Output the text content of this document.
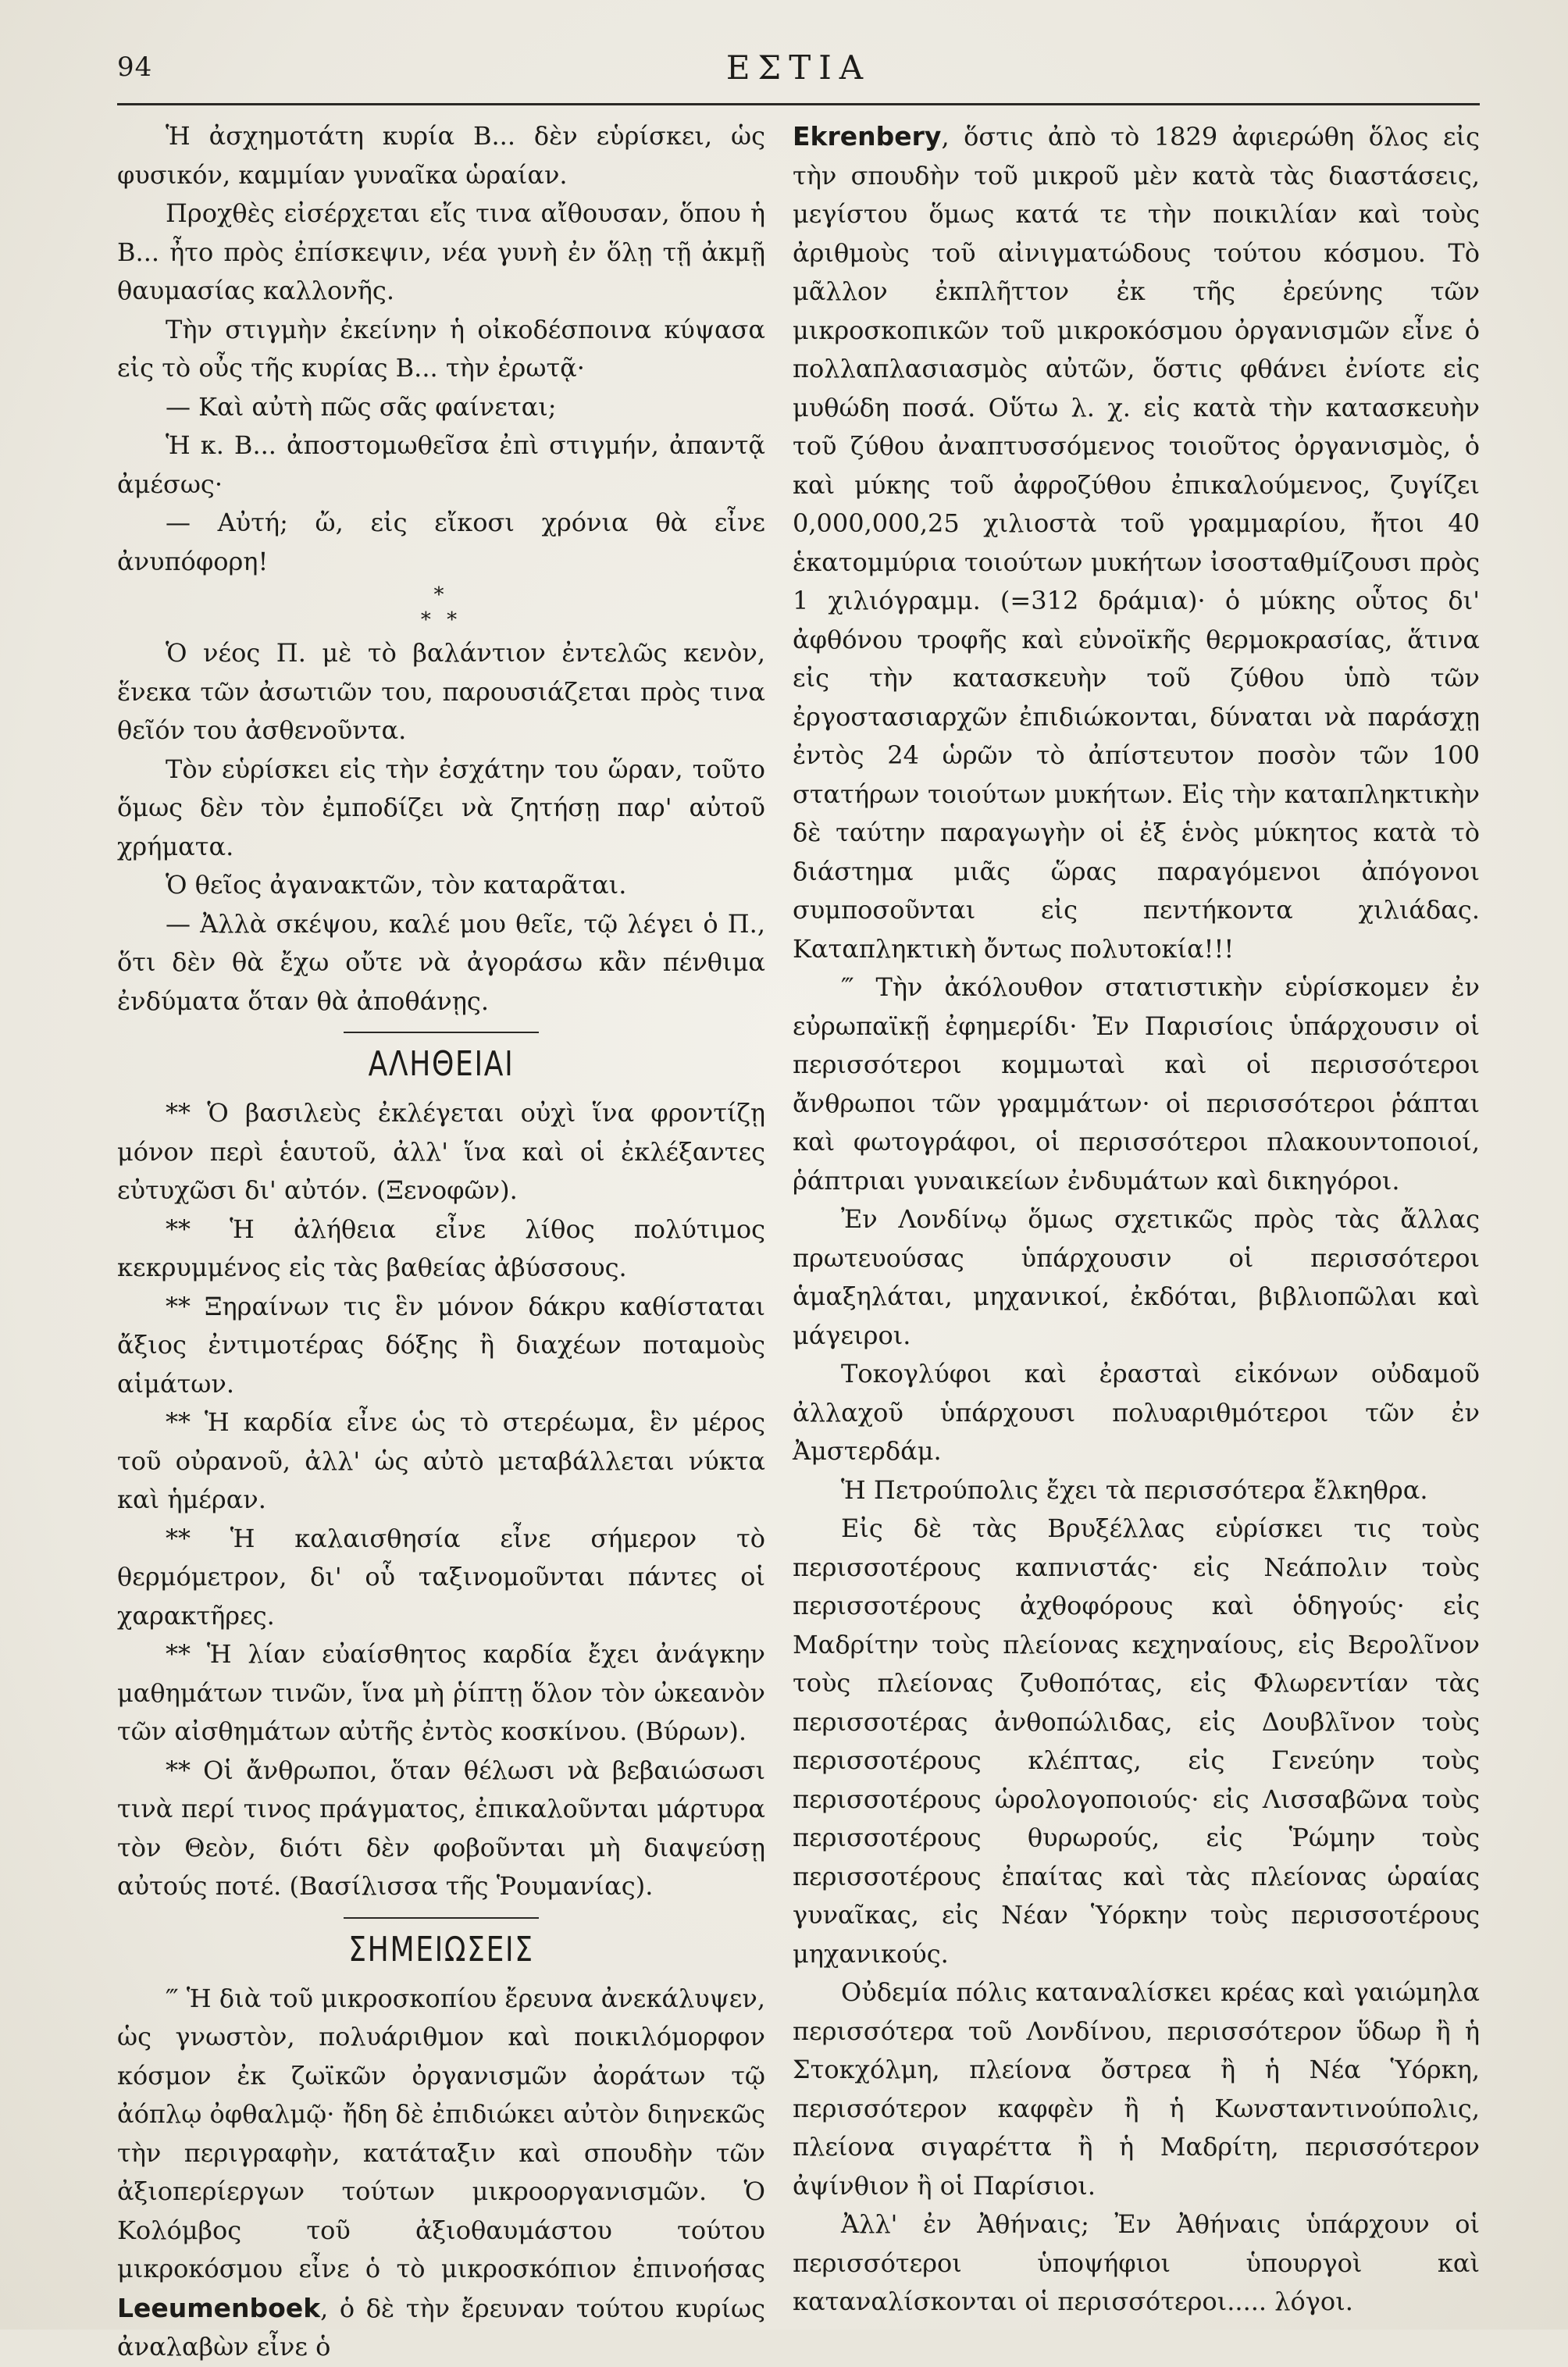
94	ΕΣΤΙΑ

Ἡ ἀσχημοτάτη κυρία Β... δὲν εὑρίσκει, ὡς φυσικόν, καμμίαν γυναῖκα ὡραίαν.

Προχθὲς εἰσέρχεται εἴς τινα αἴθουσαν, ὅπου ἡ Β... ἦτο πρὸς ἐπίσκεψιν, νέα γυνὴ ἐν ὅλῃ τῇ ἀκμῇ θαυμασίας καλλονῆς.

Τὴν στιγμὴν ἐκείνην ἡ οἰκοδέσποινα κύψασα εἰς τὸ οὖς τῆς κυρίας Β... τὴν ἐρωτᾷ·

— Καὶ αὐτὴ πῶς σᾶς φαίνεται;

Ἡ κ. Β... ἀποστομωθεῖσα ἐπὶ στιγμήν, ἀπαντᾷ ἀμέσως·

— Αὐτή; ὤ, εἰς εἴκοσι χρόνια θὰ εἶνε ἀνυπόφορη!

*
* *

Ὁ νέος Π. μὲ τὸ βαλάντιον ἐντελῶς κενὸν, ἕνεκα τῶν ἀσωτιῶν του, παρουσιάζεται πρὸς τινα θεῖόν του ἀσθενοῦντα.

Τὸν εὑρίσκει εἰς τὴν ἐσχάτην του ὥραν, τοῦτο ὅμως δὲν τὸν ἐμποδίζει νὰ ζητήσῃ παρ' αὐτοῦ χρήματα.

Ὁ θεῖος ἀγανακτῶν, τὸν καταρᾶται.

— Ἀλλὰ σκέψου, καλέ μου θεῖε, τῷ λέγει ὁ Π., ὅτι δὲν θὰ ἔχω οὔτε νὰ ἀγοράσω κἂν πένθιμα ἐνδύματα ὅταν θὰ ἀποθάνῃς.

ΑΛΗΘΕΙΑΙ

** Ὁ βασιλεὺς ἐκλέγεται οὐχὶ ἵνα φροντίζῃ μόνον περὶ ἑαυτοῦ, ἀλλ' ἵνα καὶ οἱ ἐκλέξαντες εὐτυχῶσι δι' αὐτόν. (Ξενοφῶν).

** Ἡ ἀλήθεια εἶνε λίθος πολύτιμος κεκρυμμένος εἰς τὰς βαθείας ἀβύσσους.

** Ξηραίνων τις ἓν μόνον δάκρυ καθίσταται ἄξιος ἐντιμοτέρας δόξης ἢ διαχέων ποταμοὺς αἱμάτων.

** Ἡ καρδία εἶνε ὡς τὸ στερέωμα, ἓν μέρος τοῦ οὐρανοῦ, ἀλλ' ὡς αὐτὸ μεταβάλλεται νύκτα καὶ ἡμέραν.

** Ἡ καλαισθησία εἶνε σήμερον τὸ θερμόμετρον, δι' οὗ ταξινομοῦνται πάντες οἱ χαρακτῆρες.

** Ἡ λίαν εὐαίσθητος καρδία ἔχει ἀνάγκην μαθημάτων τινῶν, ἵνα μὴ ῥίπτῃ ὅλον τὸν ὠκεανὸν τῶν αἰσθημάτων αὐτῆς ἐντὸς κοσκίνου. (Βύρων).

** Οἱ ἄνθρωποι, ὅταν θέλωσι νὰ βεβαιώσωσι τινὰ περί τινος πράγματος, ἐπικαλοῦνται μάρτυρα τὸν Θεὸν, διότι δὲν φοβοῦνται μὴ διαψεύσῃ αὐτούς ποτέ. (Βασίλισσα τῆς Ῥουμανίας).

ΣΗΜΕΙΩΣΕΙΣ

‴ Ἡ διὰ τοῦ μικροσκοπίου ἔρευνα ἀνεκάλυψεν, ὡς γνωστὸν, πολυάριθμον καὶ ποικιλόμορφον κόσμον ἐκ ζωϊκῶν ὀργανισμῶν ἀοράτων τῷ ἀόπλῳ ὀφθαλμῷ· ἤδη δὲ ἐπιδιώκει αὐτὸν διηνεκῶς τὴν περιγραφὴν, κατάταξιν καὶ σπουδὴν τῶν ἀξιοπερίεργων τούτων μικροοργανισμῶν. Ὁ Κολόμβος τοῦ ἀξιοθαυμάστου τούτου μικροκόσμου εἶνε ὁ τὸ μικροσκόπιον ἐπινοήσας Leeumenboek, ὁ δὲ τὴν ἔρευναν τούτου κυρίως ἀναλαβὼν εἶνε ὁ

Ekrenbery, ὅστις ἀπὸ τὸ 1829 ἀφιερώθη ὅλος εἰς τὴν σπουδὴν τοῦ μικροῦ μὲν κατὰ τὰς διαστάσεις, μεγίστου ὅμως κατά τε τὴν ποικιλίαν καὶ τοὺς ἀριθμοὺς τοῦ αἰνιγματώδους τούτου κόσμου. Τὸ μᾶλλον ἐκπλῆττον ἐκ τῆς ἐρεύνης τῶν μικροσκοπικῶν τοῦ μικροκόσμου ὀργανισμῶν εἶνε ὁ πολλαπλασιασμὸς αὐτῶν, ὅστις φθάνει ἐνίοτε εἰς μυθώδη ποσά. Οὕτω λ. χ. εἰς κατὰ τὴν κατασκευὴν τοῦ ζύθου ἀναπτυσσόμενος τοιοῦτος ὀργανισμὸς, ὁ καὶ μύκης τοῦ ἀφροζύθου ἐπικαλούμενος, ζυγίζει 0,000,000,25 χιλιοστὰ τοῦ γραμμαρίου, ἤτοι 40 ἑκατομμύρια τοιούτων μυκήτων ἰσοσταθμίζουσι πρὸς 1 χιλιόγραμμ. (=312 δράμια)· ὁ μύκης οὗτος δι' ἀφθόνου τροφῆς καὶ εὐνοϊκῆς θερμοκρασίας, ἅτινα εἰς τὴν κατασκευὴν τοῦ ζύθου ὑπὸ τῶν ἐργοστασιαρχῶν ἐπιδιώκονται, δύναται νὰ παράσχῃ ἐντὸς 24 ὡρῶν τὸ ἀπίστευτον ποσὸν τῶν 100 στατήρων τοιούτων μυκήτων. Εἰς τὴν καταπληκτικὴν δὲ ταύτην παραγωγὴν οἱ ἐξ ἑνὸς μύκητος κατὰ τὸ διάστημα μιᾶς ὥρας παραγόμενοι ἀπόγονοι συμποσοῦνται εἰς πεντήκοντα χιλιάδας. Καταπληκτικὴ ὄντως πολυτοκία!!!

‴ Τὴν ἀκόλουθον στατιστικὴν εὑρίσκομεν ἐν εὐρωπαϊκῇ ἐφημερίδι· Ἐν Παρισίοις ὑπάρχουσιν οἱ περισσότεροι κομμωταὶ καὶ οἱ περισσότεροι ἄνθρωποι τῶν γραμμάτων· οἱ περισσότεροι ῥάπται καὶ φωτογράφοι, οἱ περισσότεροι πλακουντοποιοί, ῥάπτριαι γυναικείων ἐνδυμάτων καὶ δικηγόροι.

Ἐν Λονδίνῳ ὅμως σχετικῶς πρὸς τὰς ἄλλας πρωτευούσας ὑπάρχουσιν οἱ περισσότεροι ἁμαξηλάται, μηχανικοί, ἐκδόται, βιβλιοπῶλαι καὶ μάγειροι.

Τοκογλύφοι καὶ ἐρασταὶ εἰκόνων οὐδαμοῦ ἀλλαχοῦ ὑπάρχουσι πολυαριθμότεροι τῶν ἐν Ἀμστερδάμ.

Ἡ Πετρούπολις ἔχει τὰ περισσότερα ἔλκηθρα.

Εἰς δὲ τὰς Βρυξέλλας εὑρίσκει τις τοὺς περισσοτέρους καπνιστάς· εἰς Νεάπολιν τοὺς περισσοτέρους ἀχθοφόρους καὶ ὁδηγούς· εἰς Μαδρίτην τοὺς πλείονας κεχηναίους, εἰς Βερολῖνον τοὺς πλείονας ζυθοπότας, εἰς Φλωρεντίαν τὰς περισσοτέρας ἀνθοπώλιδας, εἰς Δουβλῖνον τοὺς περισσοτέρους κλέπτας, εἰς Γενεύην τοὺς περισσοτέρους ὡρολογοποιούς· εἰς Λισσαβῶνα τοὺς περισσοτέρους θυρωρούς, εἰς Ῥώμην τοὺς περισσοτέρους ἐπαίτας καὶ τὰς πλείονας ὡραίας γυναῖκας, εἰς Νέαν Ὑόρκην τοὺς περισσοτέρους μηχανικούς.

Οὐδεμία πόλις καταναλίσκει κρέας καὶ γαιώμηλα περισσότερα τοῦ Λονδίνου, περισσότερον ὕδωρ ἢ ἡ Στοκχόλμη, πλείονα ὄστρεα ἢ ἡ Νέα Ὑόρκη, περισσότερον καφφὲν ἢ ἡ Κωνσταντινούπολις, πλείονα σιγαρέττα ἢ ἡ Μαδρίτη, περισσότερον ἀψίνθιον ἢ οἱ Παρίσιοι.

Ἀλλ' ἐν Ἀθήναις; Ἐν Ἀθήναις ὑπάρχουν οἱ περισσότεροι ὑποψήφιοι ὑπουργοὶ καὶ καταναλίσκονται οἱ περισσότεροι..... λόγοι.
